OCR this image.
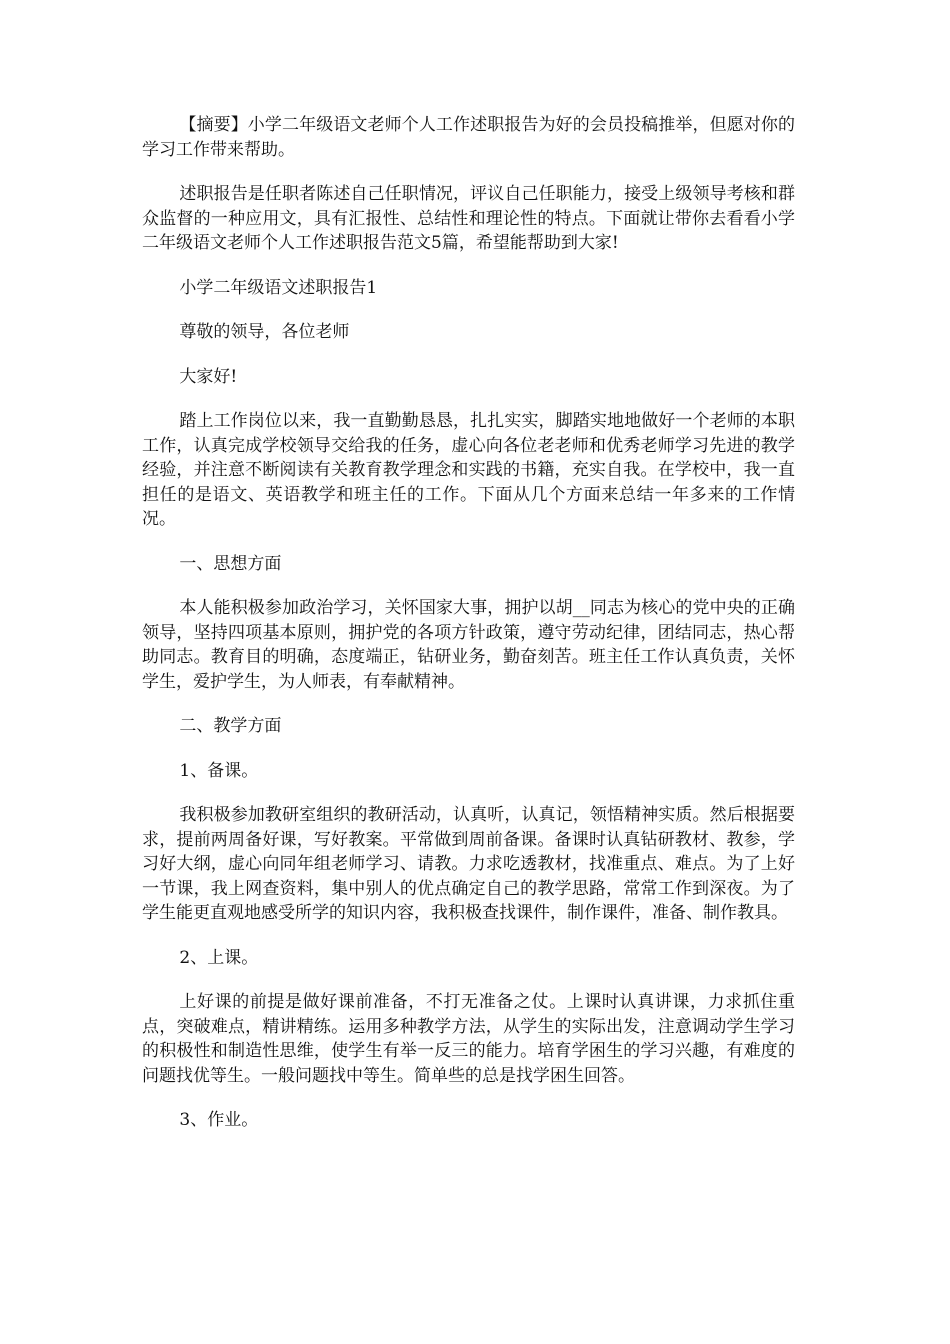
【摘要】小学二年级语文老师个人工作述职报告为好的会员投稿推举，但愿对你的学习工作带来帮助。

述职报告是任职者陈述自己任职情况，评议自己任职能力，接受上级领导考核和群众监督的一种应用文，具有汇报性、总结性和理论性的特点。下面就让带你去看看小学二年级语文老师个人工作述职报告范文5篇，希望能帮助到大家!

小学二年级语文述职报告1

尊敬的领导，各位老师

大家好!

踏上工作岗位以来，我一直勤勤恳恳，扎扎实实，脚踏实地地做好一个老师的本职工作，认真完成学校领导交给我的任务，虚心向各位老老师和优秀老师学习先进的教学经验，并注意不断阅读有关教育教学理念和实践的书籍，充实自我。在学校中，我一直担任的是语文、英语教学和班主任的工作。下面从几个方面来总结一年多来的工作情况。

一、思想方面

本人能积极参加政治学习，关怀国家大事，拥护以胡__同志为核心的党中央的正确领导，坚持四项基本原则，拥护党的各项方针政策，遵守劳动纪律，团结同志，热心帮助同志。教育目的明确，态度端正，钻研业务，勤奋刻苦。班主任工作认真负责，关怀学生，爱护学生，为人师表，有奉献精神。

二、教学方面

1、备课。

我积极参加教研室组织的教研活动，认真听，认真记，领悟精神实质。然后根据要求，提前两周备好课，写好教案。平常做到周前备课。备课时认真钻研教材、教参，学习好大纲，虚心向同年组老师学习、请教。力求吃透教材，找准重点、难点。为了上好一节课，我上网查资料，集中别人的优点确定自己的教学思路，常常工作到深夜。为了学生能更直观地感受所学的知识内容，我积极查找课件，制作课件，准备、制作教具。

2、上课。

上好课的前提是做好课前准备，不打无准备之仗。上课时认真讲课，力求抓住重点，突破难点，精讲精练。运用多种教学方法，从学生的实际出发，注意调动学生学习的积极性和制造性思维，使学生有举一反三的能力。培育学困生的学习兴趣，有难度的问题找优等生。一般问题找中等生。简单些的总是找学困生回答。

3、作业。
